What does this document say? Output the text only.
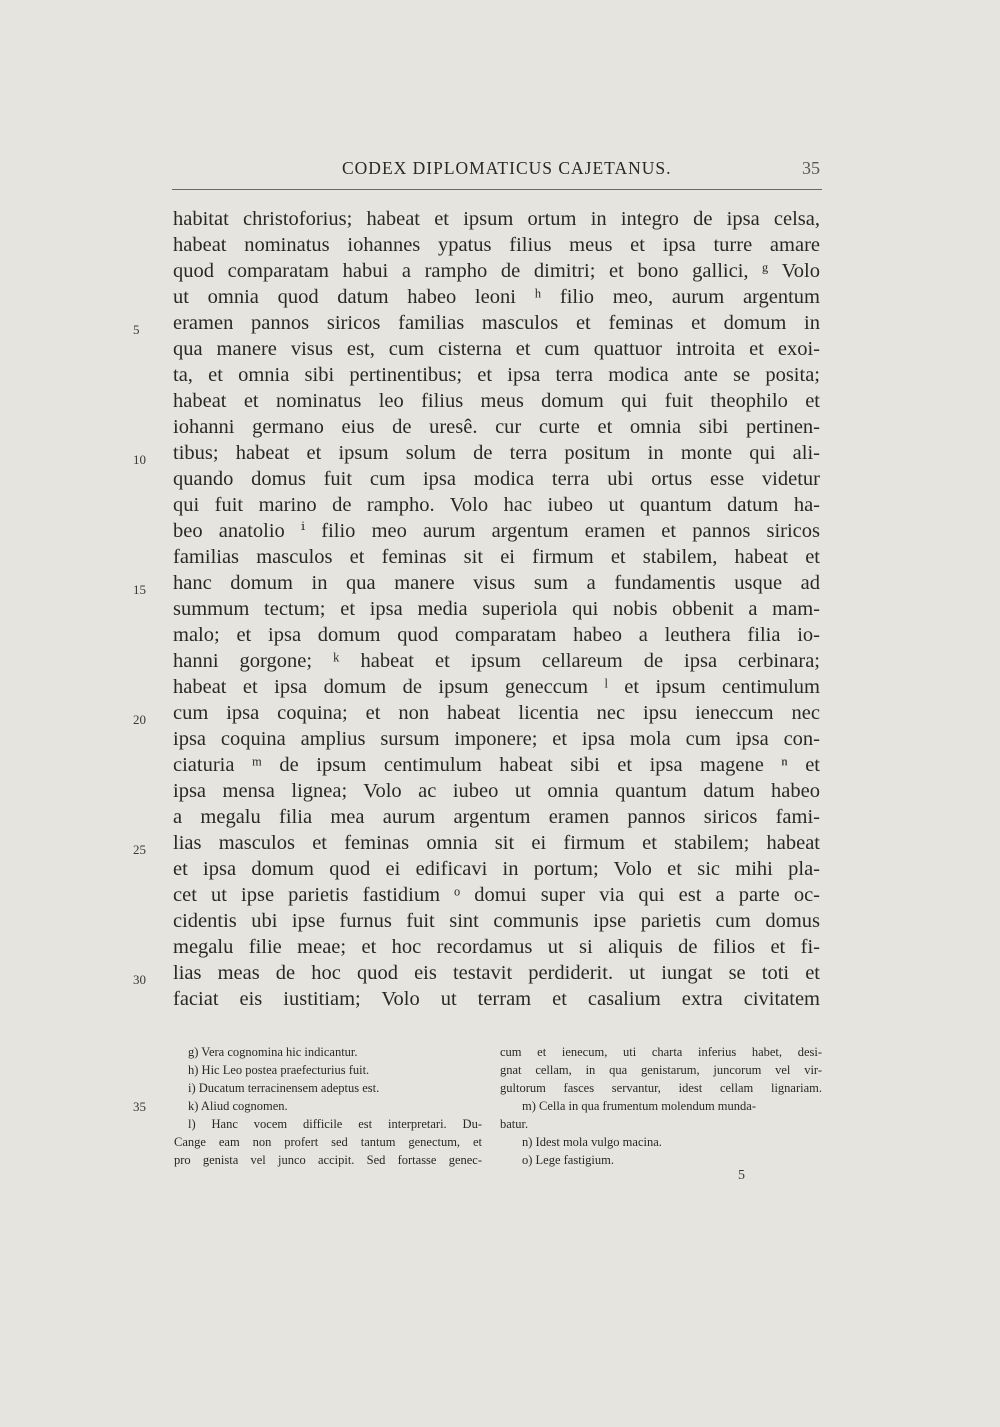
CODEX DIPLOMATICUS CAJETANUS.	35
habitat christoforius; habeat et ipsum ortum in integro de ipsa celsa,
habeat nominatus iohannes ypatus filius meus et ipsa turre amare
quod comparatam habui a rampho de dimitri; et bono gallici, ᵍ Volo
ut omnia quod datum habeo leoni ʰ filio meo, aurum argentum
eramen pannos siricos familias masculos et feminas et domum in
qua manere visus est, cum cisterna et cum quattuor introita et exoi-
ta, et omnia sibi pertinentibus; et ipsa terra modica ante se posita;
habeat et nominatus leo filius meus domum qui fuit theophilo et
iohanni germano eius de uresê. cur curte et omnia sibi pertinen-
tibus; habeat et ipsum solum de terra positum in monte qui ali-
quando domus fuit cum ipsa modica terra ubi ortus esse videtur
qui fuit marino de rampho. Volo hac iubeo ut quantum datum ha-
beo anatolio ⁱ filio meo aurum argentum eramen et pannos siricos
familias masculos et feminas sit ei firmum et stabilem, habeat et
hanc domum in qua manere visus sum a fundamentis usque ad
summum tectum; et ipsa media superiola qui nobis obbenit a mam-
malo; et ipsa domum quod comparatam habeo a leuthera filia io-
hanni gorgone; ᵏ habeat et ipsum cellareum de ipsa cerbinara;
habeat et ipsa domum de ipsum geneccum ˡ et ipsum centimulum
cum ipsa coquina; et non habeat licentia nec ipsu ieneccum nec
ipsa coquina amplius sursum imponere; et ipsa mola cum ipsa con-
ciaturia ᵐ de ipsum centimulum habeat sibi et ipsa magene ⁿ et
ipsa mensa lignea; Volo ac iubeo ut omnia quantum datum habeo
a megalu filia mea aurum argentum eramen pannos siricos fami-
lias masculos et feminas omnia sit ei firmum et stabilem; habeat
et ipsa domum quod ei edificavi in portum; Volo et sic mihi pla-
cet ut ipse parietis fastidium ᵒ domui super via qui est a parte oc-
cidentis ubi ipse furnus fuit sint communis ipse parietis cum domus
megalu filie meae; et hoc recordamus ut si aliquis de filios et fi-
lias meas de hoc quod eis testavit perdiderit. ut iungat se toti et
faciat eis iustitiam; Volo ut terram et casalium extra civitatem
5
10
15
20
25
30
35
g) Vera cognomina hic indicantur.
h) Hic Leo postea praefecturius fuit.
i) Ducatum terracinensem adeptus est.
k) Aliud cognomen.
l) Hanc vocem difficile est interpretari. Du-
Cange eam non profert sed tantum genectum, et
pro genista vel junco accipit. Sed fortasse genec-
cum et ienecum, uti charta inferius habet, desi-
gnat cellam, in qua genistarum, juncorum vel vir-
gultorum fasces servantur, idest cellam lignariam.
m) Cella in qua frumentum molendum munda-
batur.
n) Idest mola vulgo macina.
o) Lege fastigium.
5
